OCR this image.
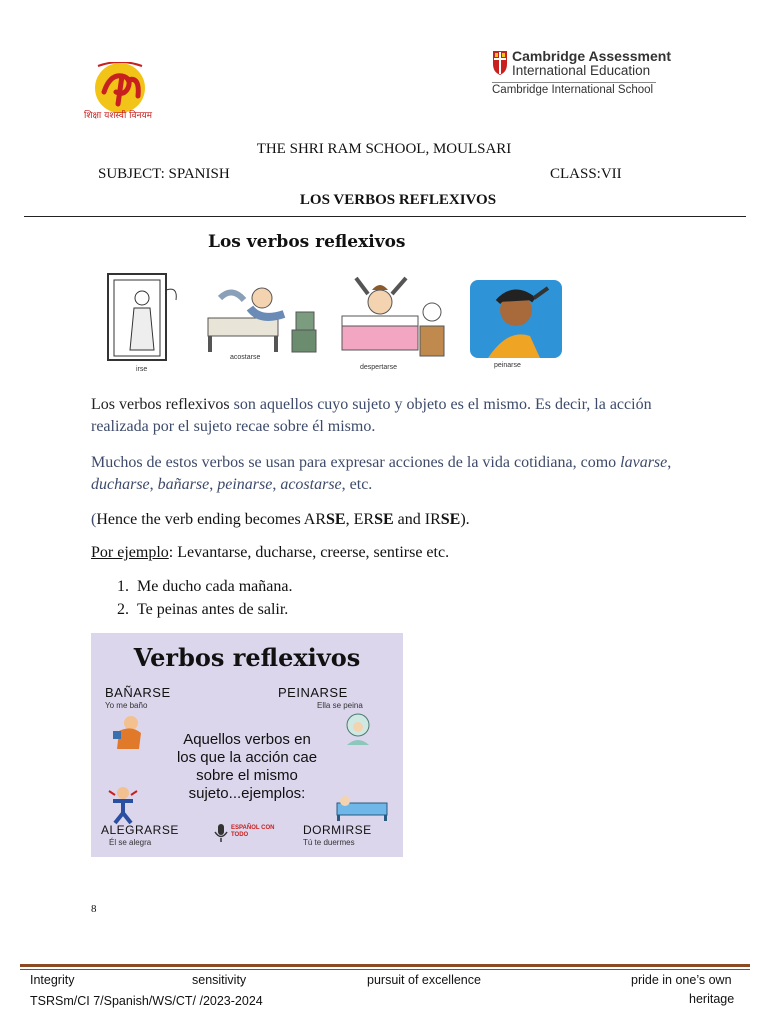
शिक्षा यशस्वी विनयम
Cambridge Assessment
International Education
Cambridge International School
THE SHRI RAM SCHOOL, MOULSARI
SUBJECT: SPANISH	CLASS:VII
LOS VERBOS REFLEXIVOS
Los verbos reflexivos
irse
acostarse
despertarse	peinarse
Los verbos reflexivos son aquellos cuyo sujeto y objeto es el mismo. Es decir, la acción realizada por el sujeto recae sobre él mismo.
Muchos de estos verbos se usan para expresar acciones de la vida cotidiana, como lavarse, ducharse, bañarse, peinarse, acostarse, etc.
(Hence the verb ending becomes ARSE, ERSE and IRSE).
Por ejemplo: Levantarse, ducharse, creerse, sentirse etc.
1. Me ducho cada mañana.
2. Te peinas antes de salir.
Verbos reflexivos
BAÑARSE
Yo me baño
PEINARSE
Ella se peina
Aquellos verbos en
los que la acción cae
sobre el mismo
sujeto...ejemplos:
ALEGRARSE
Él se alegra
ESPAÑOL CON TODO	DORMIRSE
Tú te duermes
8
Integrity	sensitivity	pursuit of excellence	pride in one’s own
TSRSm/CI 7/Spanish/WS/CT/ /2023-2024	heritage
